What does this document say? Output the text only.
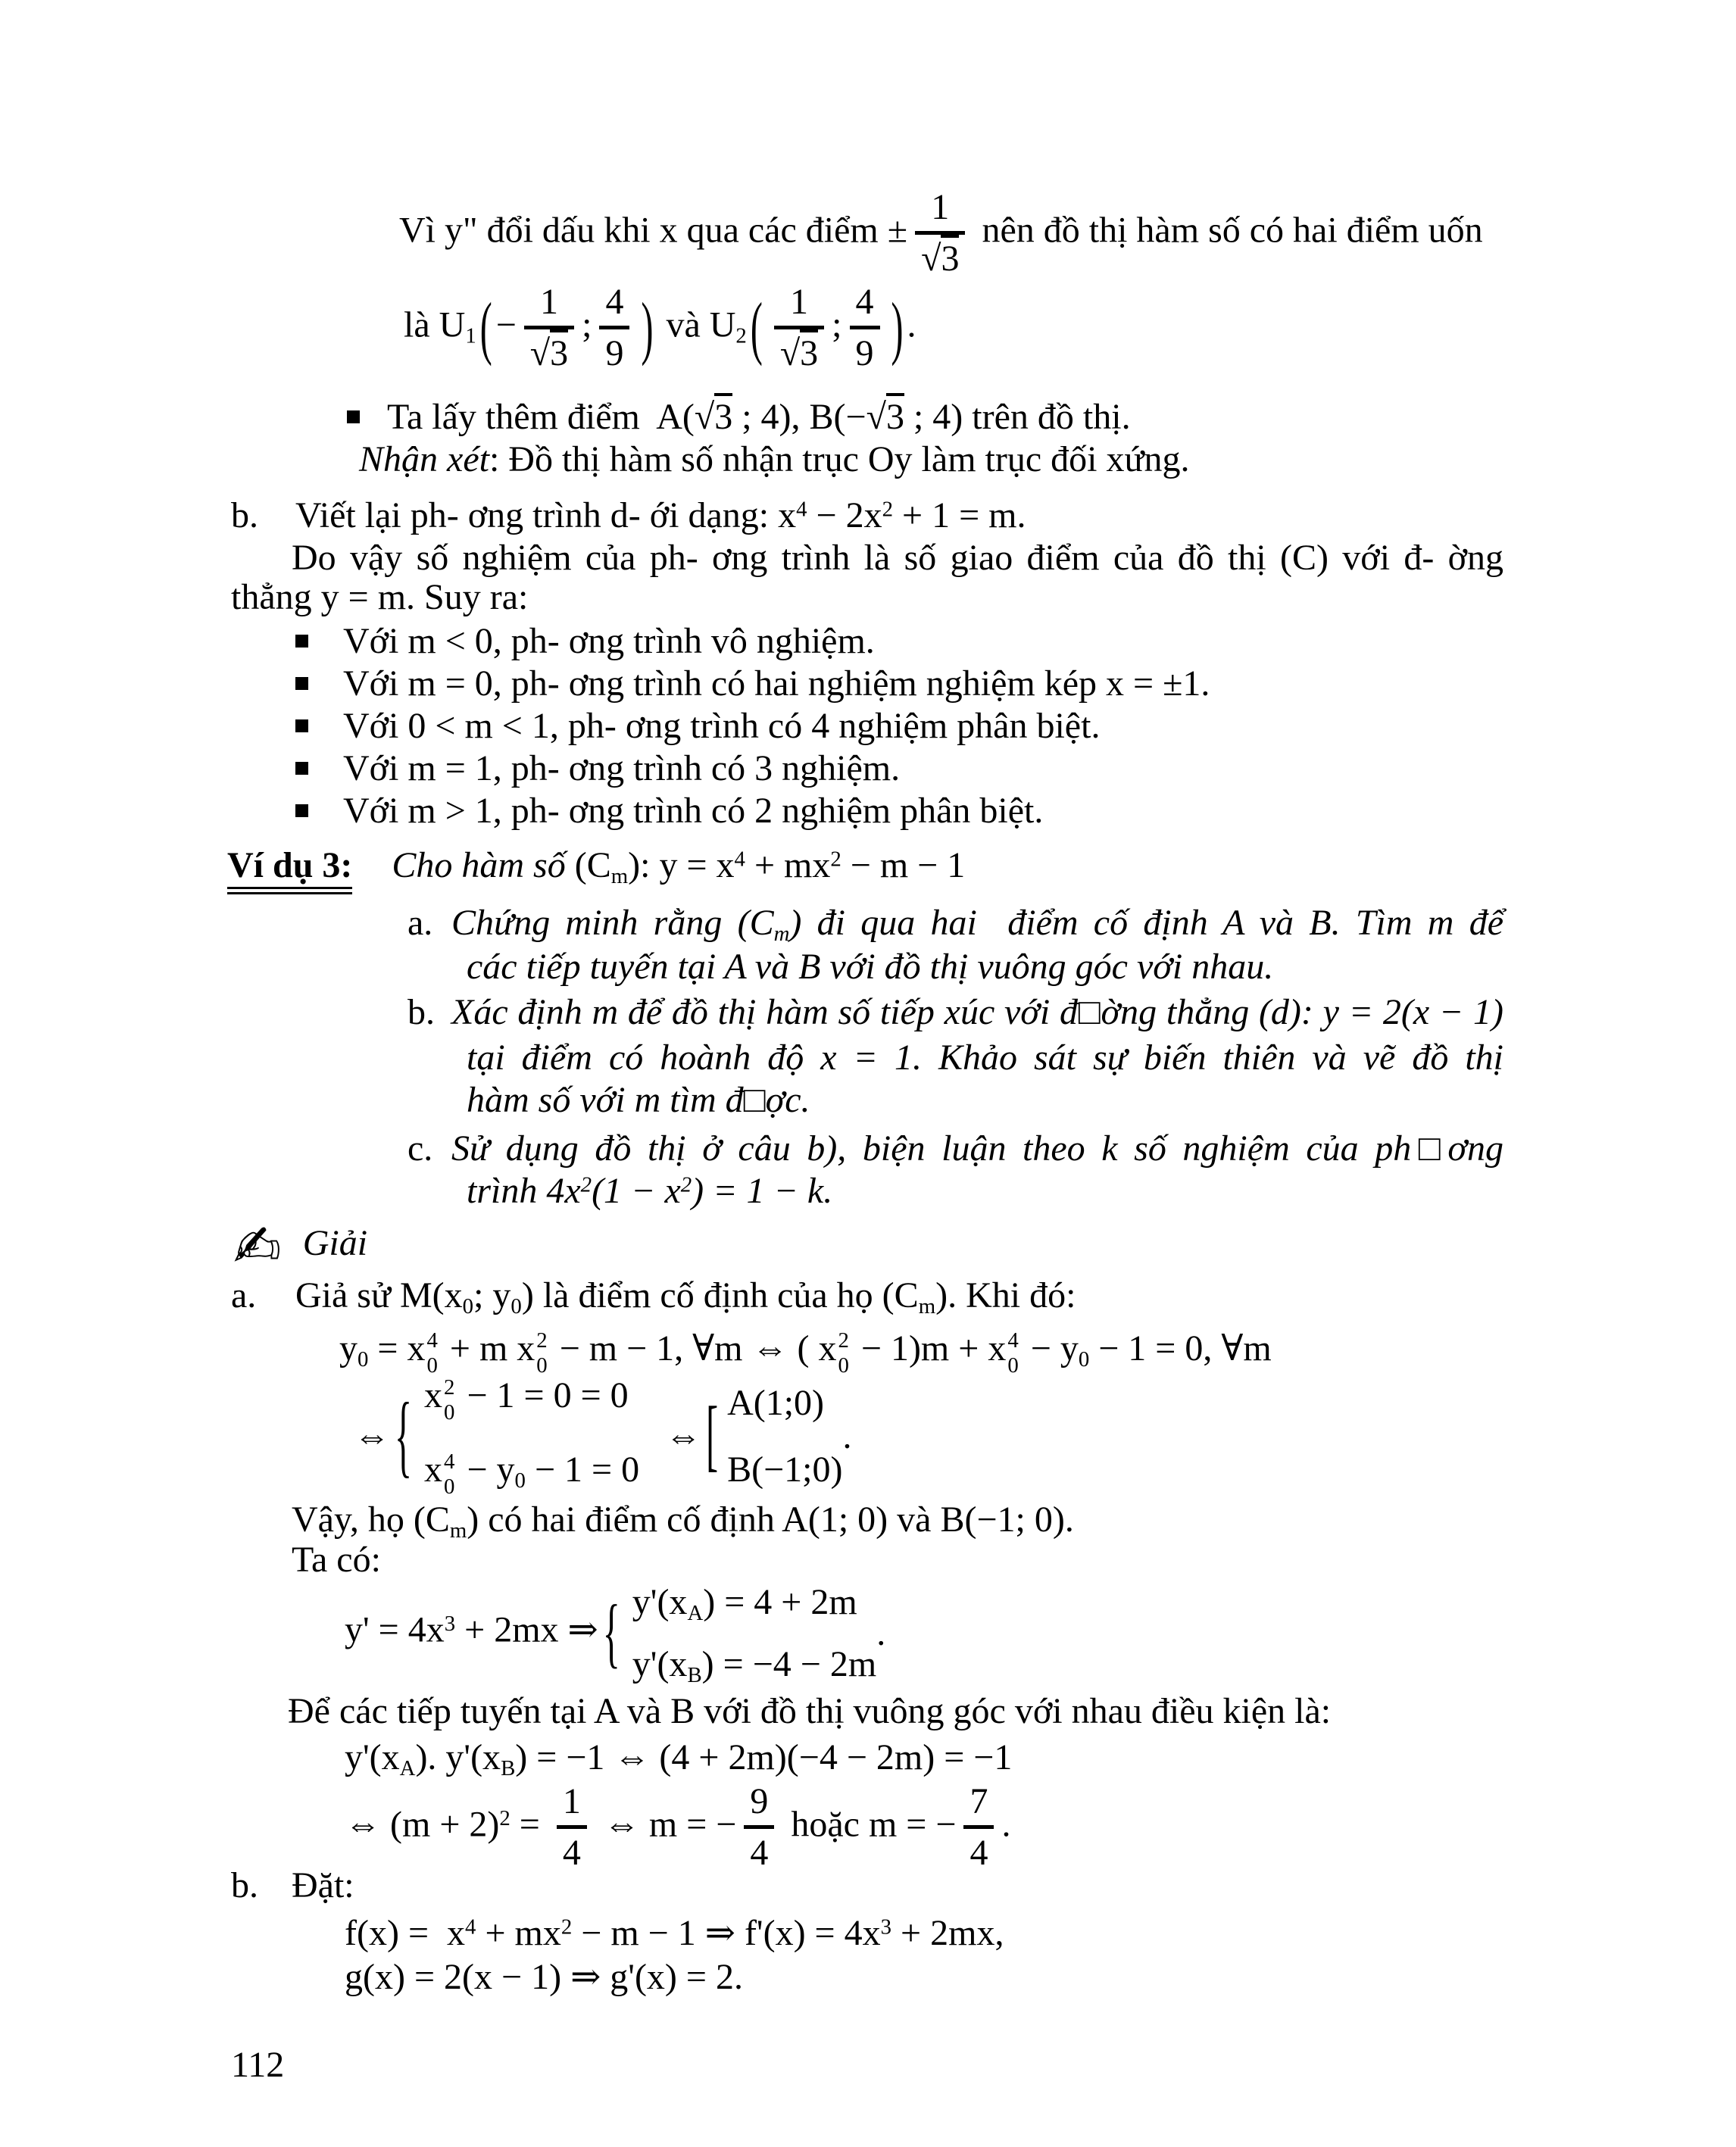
Vì y" đổi dấu khi x qua các điểm ± $\frac{1}{√3}$ nên đồ thị hàm số có hai điểm uốn
là $U_1$ ( − $\frac{1}{√3}$ ; $\frac{4}{9}$ ) và $U_2$ ( $\frac{1}{√3}$ ; $\frac{4}{9}$ ) .
Ta lấy thêm điểm  A(√3 ; 4), B(−√3 ; 4) trên đồ thị.
Nhận xét: Đồ thị hàm số nhận trục Oy làm trục đối xứng.
b. Viết lại ph- ơng trình d- ới dạng: $x^4 - 2x^2 + 1 = m$.
Do vậy số nghiệm của ph- ơng trình là số giao điểm của đồ thị (C) với đ- ờng
thẳng y = m. Suy ra:
Với m < 0, ph- ơng trình vô nghiệm.
Với m = 0, ph- ơng trình có hai nghiệm nghiệm kép x = ±1.
Với 0 < m < 1, ph- ơng trình có 4 nghiệm phân biệt.
Với m = 1, ph- ơng trình có 3 nghiệm.
Với m > 1, ph- ơng trình có 2 nghiệm phân biệt.
Ví dụ 3: Cho hàm số $(C_m)$: $y = x^4 + mx^2 - m - 1$
a. Chứng minh rằng $(C_m)$ đi qua hai  điểm cố định A và B. Tìm m để
các tiếp tuyến tại A và B với đồ thị vuông góc với nhau.
b. Xác định m để đồ thị hàm số tiếp xúc với đ□ờng thẳng (d): y = 2(x − 1)
tại điểm có hoành độ x = 1. Khảo sát sự biến thiên và vẽ đồ thị
hàm số với m tìm đ□ợc.
c. Sử dụng đồ thị ở câu b), biện luận theo k số nghiệm của ph□ơng
trình $4x^2(1 - x^2) = 1 - k$.
✍ Giải
a. Giả sử $M(x_0$; $y_0$) là điểm cố định của họ $(C_m)$. Khi đó:
$y_0 = x$ 4
0 + m x 2
0 − m − 1, ∀m ⇔ ( x 2
0 − 1)m + x 4
$0 - y_0 - 1 = 0$, ∀m
⇔ { x 2
0 − 1 = 0 = 0
x 4
$0 - y_0 - 1 = 0$
⇔ [ A(1;0)
B(−1;0)
.
Vậy, họ $(C_m)$ có hai điểm cố định A(1; 0) và B(−1; 0).
Ta có:
$y' = 4x^3 + 2mx$ ⇒ { $y'(x_A) = 4 + 2m$
$y'(x_B) = -4 - 2m$
.
Để các tiếp tuyến tại A và B với đồ thị vuông góc với nhau điều kiện là:
$y'(x_A)$. $y'(x_B) = -1$ ⇔ (4 + 2m)(−4 − 2m) = −1
⇔ $(m + 2)^2 = \frac{1}{4}$ ⇔ m = − $\frac{9}{4}$ hoặc m = − $\frac{7}{4}$ .
b. Đặt:
$f(x) = x^4 + mx^2 - m - 1$ ⇒ $f'(x) = 4x^3 + 2mx$,
g(x) = 2(x − 1) ⇒ g'(x) = 2.
112
